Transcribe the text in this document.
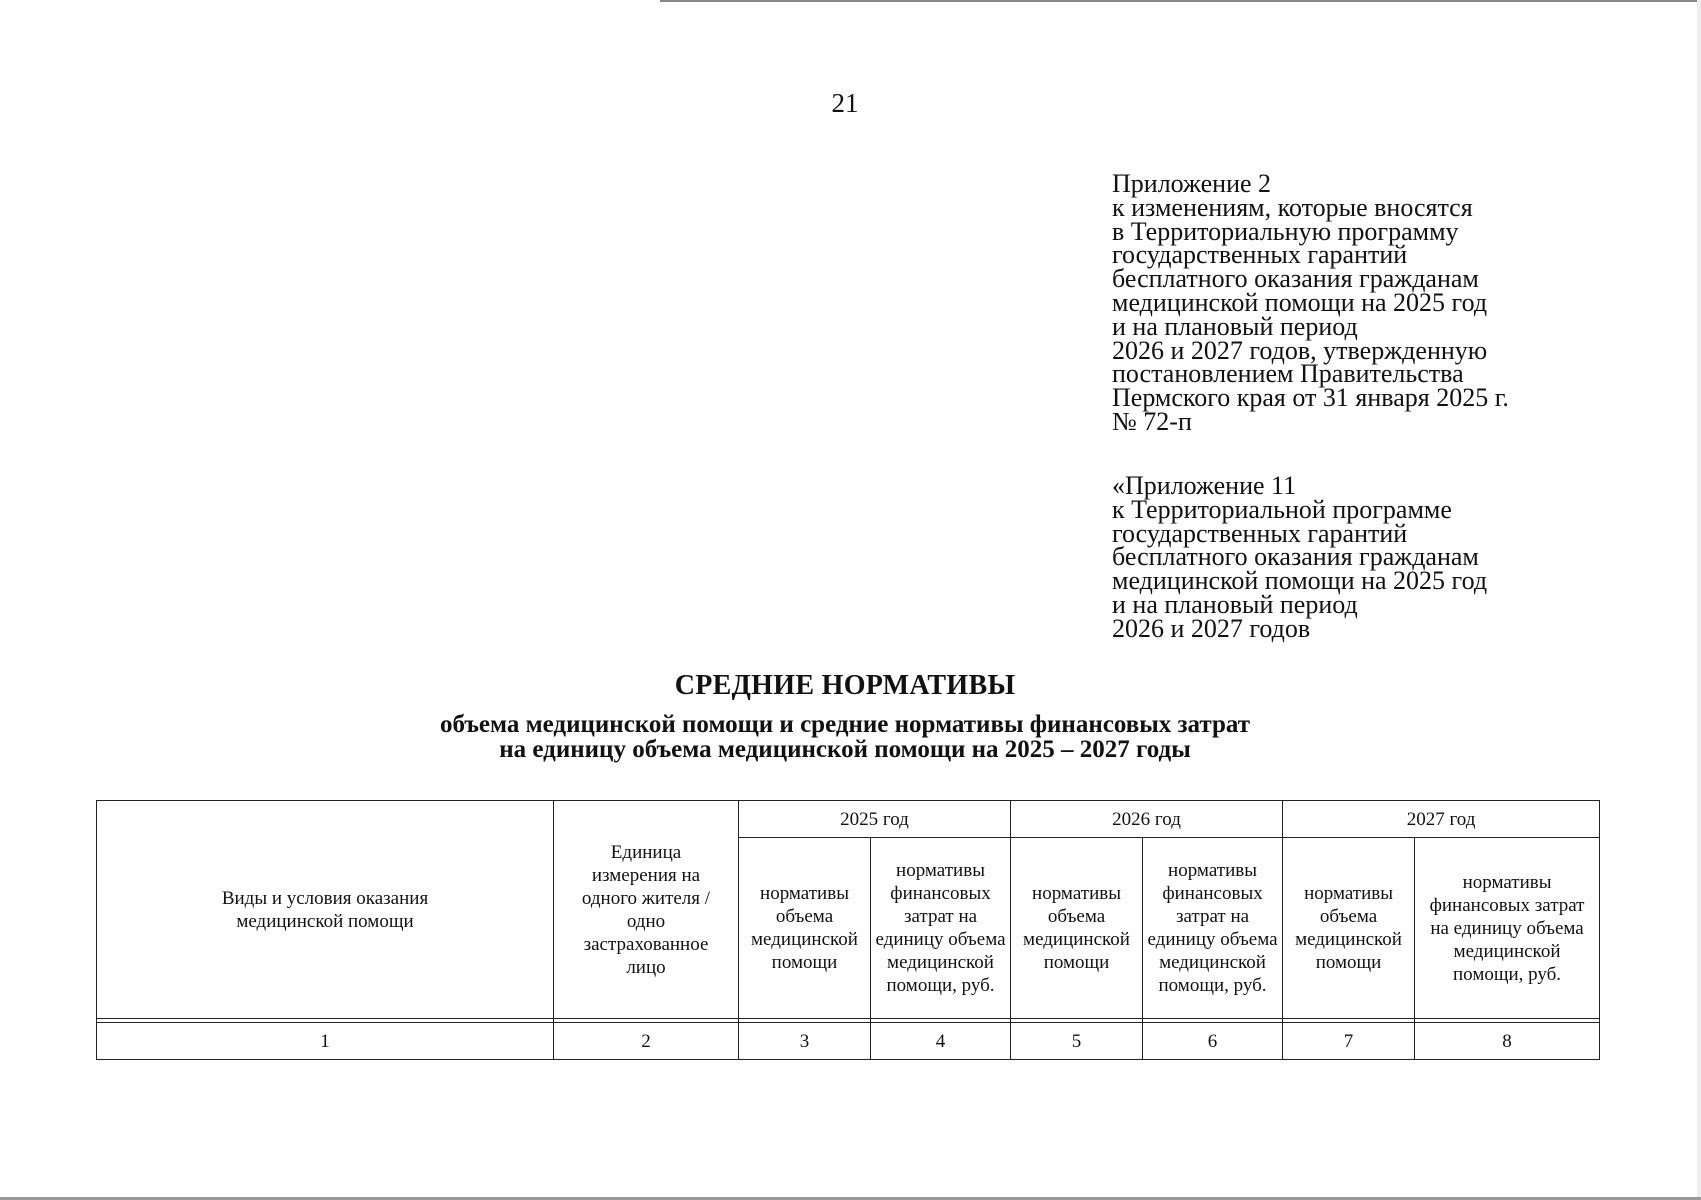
21
Приложение 2
к изменениям, которые вносятся
в Территориальную программу
государственных гарантий
бесплатного оказания гражданам
медицинской помощи на 2025 год
и на плановый период
2026 и 2027 годов, утвержденную
постановлением Правительства
Пермского края от 31 января 2025 г.
№ 72-п
«Приложение 11
к Территориальной программе
государственных гарантий
бесплатного оказания гражданам
медицинской помощи на 2025 год
и на плановый период
2026 и 2027 годов
СРЕДНИЕ НОРМАТИВЫ
объема медицинской помощи и средние нормативы финансовых затрат
на единицу объема медицинской помощи на 2025 – 2027 годы
Виды и условия оказания медицинской помощи	Единица измерения на одного жителя / одно застрахованное лицо	2025 год		2026 год		2027 год	
		нормативы объема медицинской помощи	нормативы финансовых затрат на единицу объема медицинской помощи, руб.	нормативы объема медицинской помощи	нормативы финансовых затрат на единицу объема медицинской помощи, руб.	нормативы объема медицинской помощи	нормативы финансовых затрат на единицу объема медицинской помощи, руб.

1	2	3	4	5	6	7	8
